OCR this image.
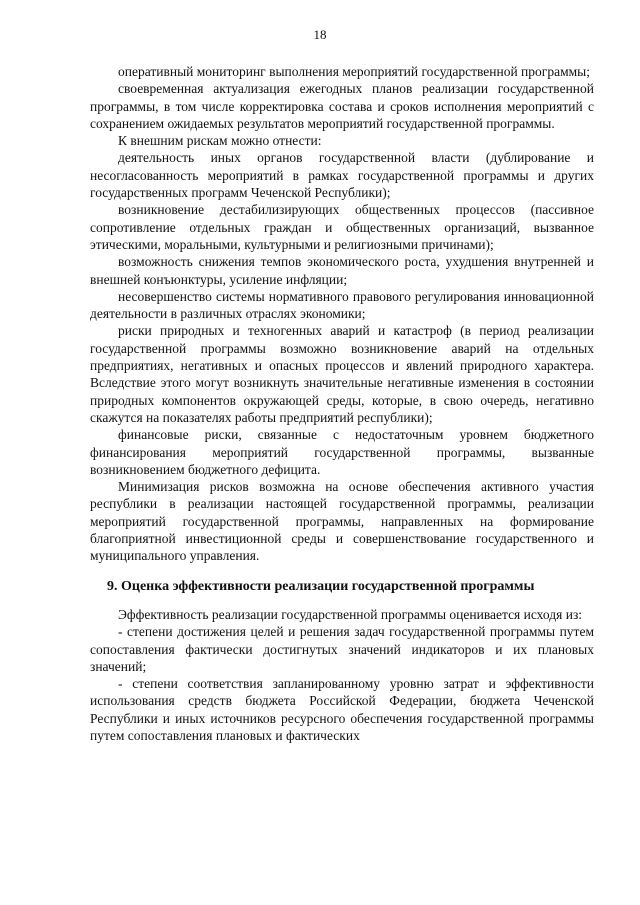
18

оперативный мониторинг выполнения мероприятий государственной программы;

своевременная актуализация ежегодных планов реализации государственной программы, в том числе корректировка состава и сроков исполнения мероприятий с сохранением ожидаемых результатов мероприятий государственной программы.

К внешним рискам можно отнести:

деятельность иных органов государственной власти (дублирование и несогласованность мероприятий в рамках государственной программы и других государственных программ Чеченской Республики);

возникновение дестабилизирующих общественных процессов (пассивное сопротивление отдельных граждан и общественных организаций, вызванное этическими, моральными, культурными и религиозными причинами);

возможность снижения темпов экономического роста, ухудшения внутренней и внешней конъюнктуры, усиление инфляции;

несовершенство системы нормативного правового регулирования инновационной деятельности в различных отраслях экономики;

риски природных и техногенных аварий и катастроф (в период реализации государственной программы возможно возникновение аварий на отдельных предприятиях, негативных и опасных процессов и явлений природного характера. Вследствие этого могут возникнуть значительные негативные изменения в состоянии природных компонентов окружающей среды, которые, в свою очередь, негативно скажутся на показателях работы предприятий республики);

финансовые риски, связанные с недостаточным уровнем бюджетного финансирования мероприятий государственной программы, вызванные возникновением бюджетного дефицита.

Минимизация рисков возможна на основе обеспечения активного участия республики в реализации настоящей государственной программы, реализации мероприятий государственной программы, направленных на формирование благоприятной инвестиционной среды и совершенствование государственного и муниципального управления.

9. Оценка эффективности реализации государственной программы

Эффективность реализации государственной программы оценивается исходя из:

- степени достижения целей и решения задач государственной программы путем сопоставления фактически достигнутых значений индикаторов и их плановых значений;

- степени соответствия запланированному уровню затрат и эффективности использования средств бюджета Российской Федерации, бюджета Чеченской Республики и иных источников ресурсного обеспечения государственной программы путем сопоставления плановых и фактических
